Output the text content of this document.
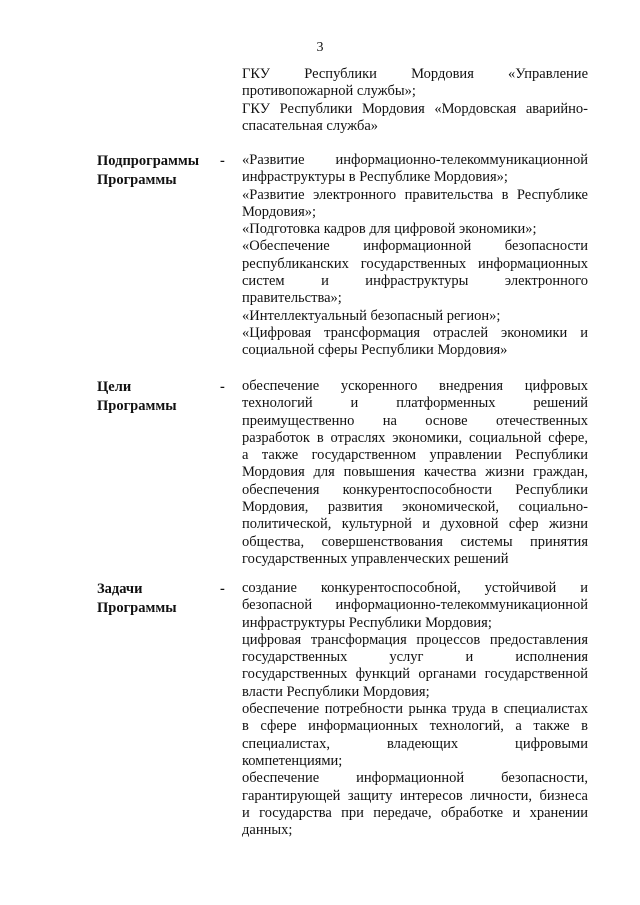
3
ГКУ Республики Мордовия «Управление
противопожарной службы»;
ГКУ Республики Мордовия «Мордовская аварийно-
спасательная служба»
Подпрограммы
Программы
- «Развитие информационно-телекоммуникационной
инфраструктуры в Республике Мордовия»;
«Развитие электронного правительства в Республике
Мордовия»;
«Подготовка кадров для цифровой экономики»;
«Обеспечение информационной безопасности
республиканских государственных информационных
систем и инфраструктуры электронного
правительства»;
«Интеллектуальный безопасный регион»;
«Цифровая трансформация отраслей экономики и
социальной сферы Республики Мордовия»
Цели
Программы
- обеспечение ускоренного внедрения цифровых
технологий и платформенных решений
преимущественно на основе отечественных
разработок в отраслях экономики, социальной сфере,
а также государственном управлении Республики
Мордовия для повышения качества жизни граждан,
обеспечения конкурентоспособности Республики
Мордовия, развития экономической, социально-
политической, культурной и духовной сфер жизни
общества, совершенствования системы принятия
государственных управленческих решений
Задачи
Программы
- создание конкурентоспособной, устойчивой и
безопасной информационно-телекоммуникационной
инфраструктуры Республики Мордовия;
цифровая трансформация процессов предоставления
государственных услуг и исполнения
государственных функций органами государственной
власти Республики Мордовия;
обеспечение потребности рынка труда в специалистах
в сфере информационных технологий, а также в
специалистах, владеющих цифровыми
компетенциями;
обеспечение информационной безопасности,
гарантирующей защиту интересов личности, бизнеса
и государства при передаче, обработке и хранении
данных;
